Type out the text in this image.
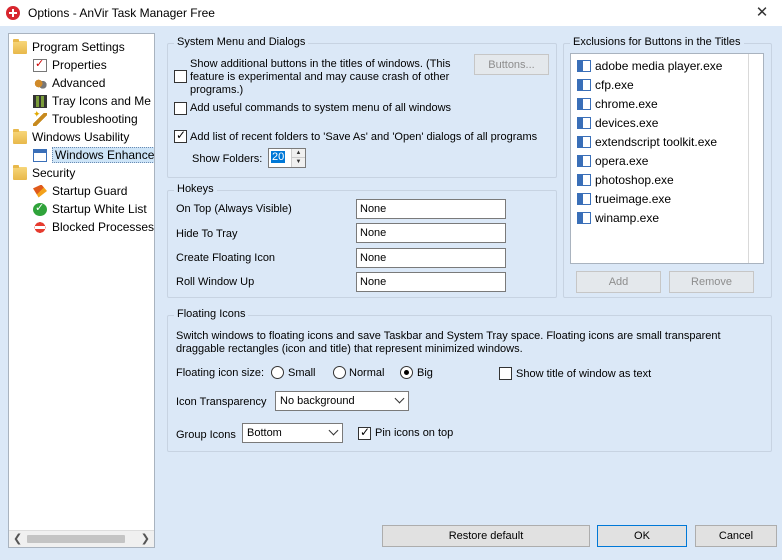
Options - AnVir Task Manager Free	✕
Program Settings
✓
Properties
Advanced
Tray Icons and Me
✦
Troubleshooting
Windows Usability
Windows Enhance
Security
Startup Guard
✓
Startup White List
Blocked Processes
❮	❯
System Menu and Dialogs
Show additional buttons in the titles of windows. (This feature is experimental and may cause crash of other programs.)
Buttons...
Add useful commands to system menu of all windows
✓
Add list of recent folders to 'Save As' and 'Open' dialogs of all programs
Show Folders: 20	▲
▼
Hokeys
On Top (Always Visible)	None
Hide To Tray	None
Create Floating Icon	None
Roll Window Up	None
Exclusions for Buttons in the Titles
adobe media player.exe
cfp.exe
chrome.exe
devices.exe
extendscript toolkit.exe
opera.exe
photoshop.exe
trueimage.exe
winamp.exe
Add	Remove
Floating Icons
Switch windows to floating icons and save Taskbar and System Tray space. Floating icons are small transparent draggable rectangles (icon and title) that represent minimized windows.
Floating icon size: Small	Normal	Big	Show title of window as text
Icon Transparency	No background
Group Icons	Bottom
✓	Pin icons on top
Restore default	OK	Cancel
